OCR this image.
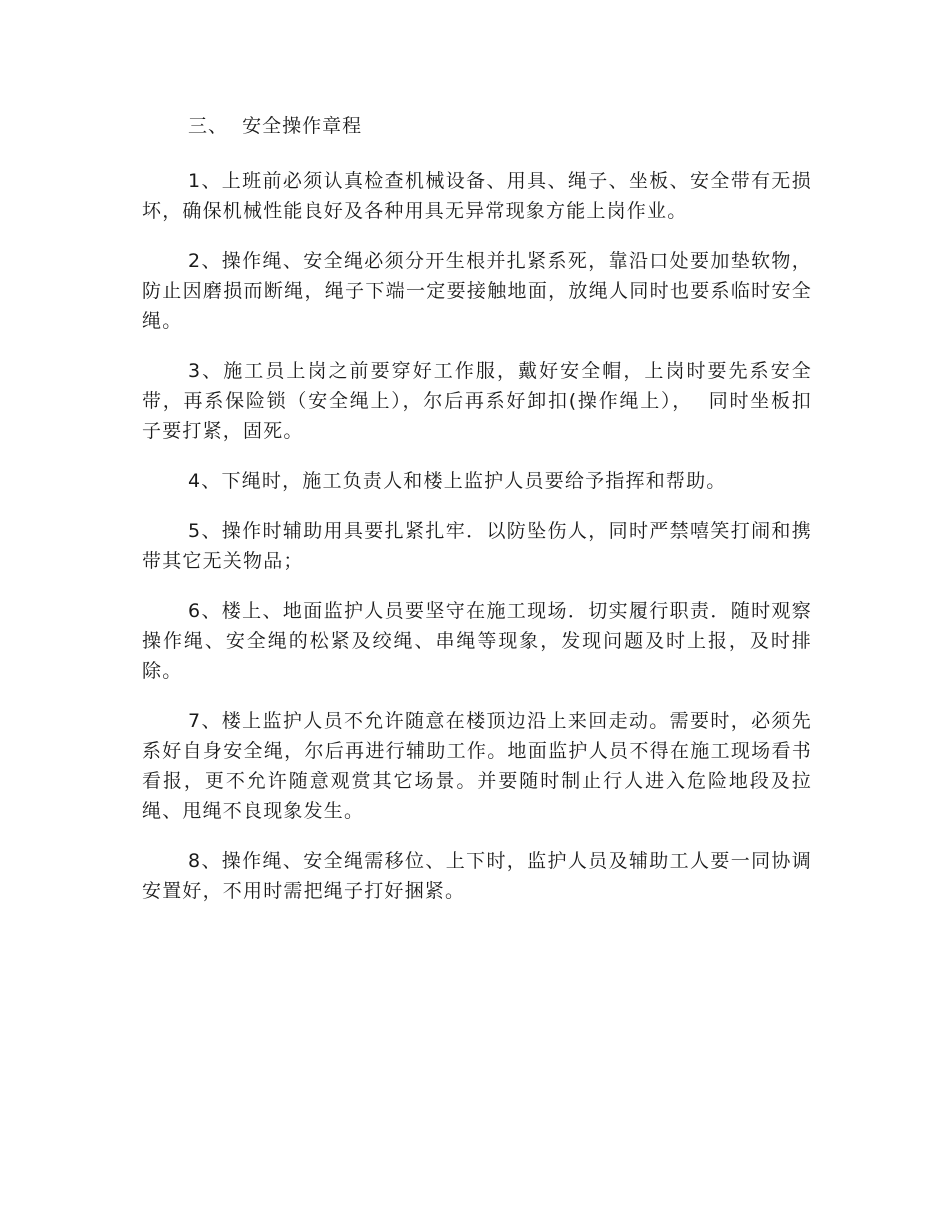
三、  安全操作章程

1、上班前必须认真检查机械设备、用具、绳子、坐板、安全带有无损坏，确保机械性能良好及各种用具无异常现象方能上岗作业。

2、操作绳、安全绳必须分开生根并扎紧系死，靠沿口处要加垫软物，防止因磨损而断绳，绳子下端一定要接触地面，放绳人同时也要系临时安全绳。

3、施工员上岗之前要穿好工作服，戴好安全帽，上岗时要先系安全带，再系保险锁（安全绳上），尔后再系好卸扣(操作绳上），  同时坐板扣子要打紧，固死。

4、下绳时，施工负责人和楼上监护人员要给予指挥和帮助。

5、操作时辅助用具要扎紧扎牢．以防坠伤人，同时严禁嘻笑打闹和携带其它无关物品；

6、楼上、地面监护人员要坚守在施工现场．切实履行职责．随时观察操作绳、安全绳的松紧及绞绳、串绳等现象，发现问题及时上报，及时排除。

7、楼上监护人员不允许随意在楼顶边沿上来回走动。需要时，必须先系好自身安全绳，尔后再进行辅助工作。地面监护人员不得在施工现场看书看报，更不允许随意观赏其它场景。并要随时制止行人进入危险地段及拉绳、甩绳不良现象发生。

8、操作绳、安全绳需移位、上下时，监护人员及辅助工人要一同协调安置好，不用时需把绳子打好捆紧。
